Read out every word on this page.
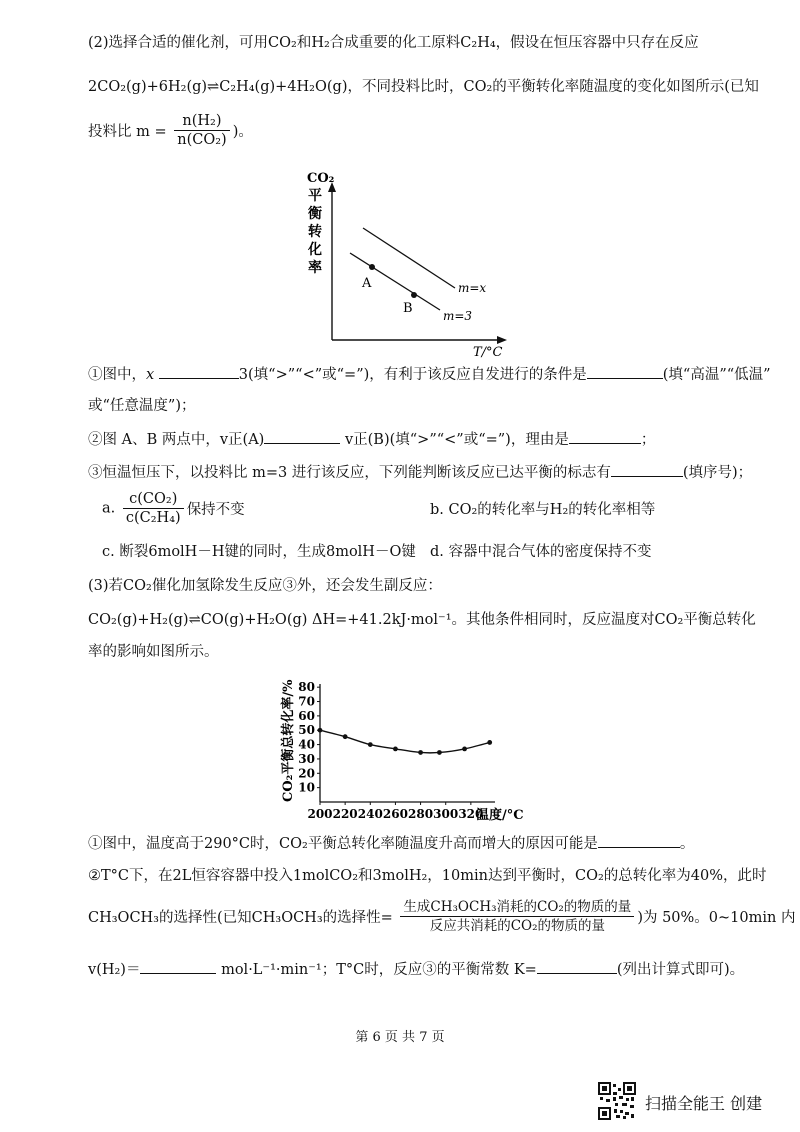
(2)选择合适的催化剂，可用CO₂和H₂合成重要的化工原料C₂H₄，假设在恒压容器中只存在反应
2CO₂(g)+6H₂(g)⇌C₂H₄(g)+4H₂O(g)，不同投料比时，CO₂的平衡转化率随温度的变化如图所示(已知
投料比 $m = \frac{\text{n(H₂)}}{\text{n(CO₂)}}$ )。
CO₂
平
衡
转
化
率
T/°C
m=x
m=3
A
B
①图中，x	3(填“>”“<”或“=”)，有利于该反应自发进行的条件是	(填“高温”“低温”
或“任意温度”)；
②图 A、B 两点中，v正(A)	v正(B)(填“>”“<”或“=”)，理由是	；
③恒温恒压下，以投料比 m=3 进行该反应，下列能判断该反应已达平衡的标志有	(填序号)；
a. $\frac{\text{c(CO₂)}}{\text{c(C₂H₄)}}$ 保持不变	b. CO₂的转化率与H₂的转化率相等
c. 断裂6molH－H键的同时，生成8molH－O键 d. 容器中混合气体的密度保持不变
(3)若CO₂催化加氢除发生反应③外，还会发生副反应：
CO₂(g)+H₂(g)⇌CO(g)+H₂O(g) ΔH=+41.2kJ·mol⁻¹。其他条件相同时，反应温度对CO₂平衡总转化
率的影响如图所示。
CO₂平衡总转化率/% 10
20
30
40
50
60
70
80
200 220 240 260 280 300 320
温度/°C
①图中，温度高于290°C时，CO₂平衡总转化率随温度升高而增大的原因可能是	。
②T°C下，在2L恒容容器中投入1molCO₂和3molH₂，10min达到平衡时，CO₂的总转化率为40%，此时
CH₃OCH₃的选择性(已知CH₃OCH₃的选择性= $\frac{\text{生成CH₃OCH₃消耗的CO₂的物质的量}}{\text{反应共消耗的CO₂的物质的量}}$ )为 50%。0~10min 内
v(H₂)＝	mol·L⁻¹·min⁻¹；T°C时，反应③的平衡常数 K=	(列出计算式即可)。
第 6 页 共 7 页
扫描全能王 创建
